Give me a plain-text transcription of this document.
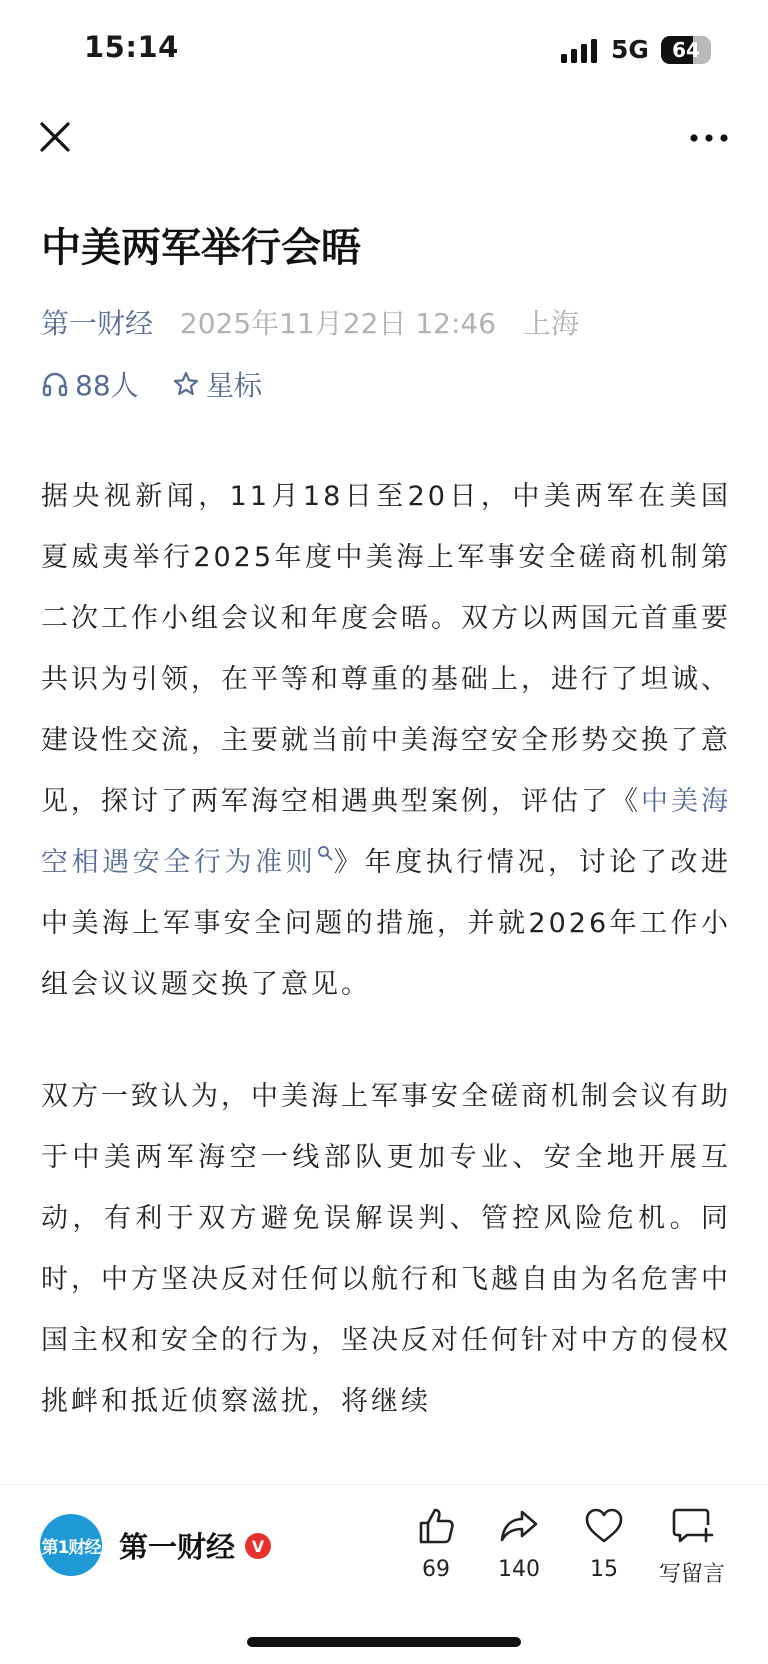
15:14	5G	64
中美两军举行会晤
第一财经 2025年11月22日 12:46 上海
88人 星标

据央视新闻，11月18日至20日，中美两军在美国夏威夷举行2025年度中美海上军事安全磋商机制第二次工作小组会议和年度会晤。双方以两国元首重要共识为引领，在平等和尊重的基础上，进行了坦诚、建设性交流，主要就当前中美海空安全形势交换了意见，探讨了两军海空相遇典型案例，评估了《中美海空相遇安全行为准则 》年度执行情况，讨论了改进中美海上军事安全问题的措施，并就2026年工作小组会议议题交换了意见。

双方一致认为，中美海上军事安全磋商机制会议有助于中美两军海空一线部队更加专业、安全地开展互动，有利于双方避免误解误判、管控风险危机。同时，中方坚决反对任何以航行和飞越自由为名危害中国主权和安全的行为，坚决反对任何针对中方的侵权挑衅和抵近侦察滋扰，将继续

第1财经 第一财经	V
69	140	15	写留言
